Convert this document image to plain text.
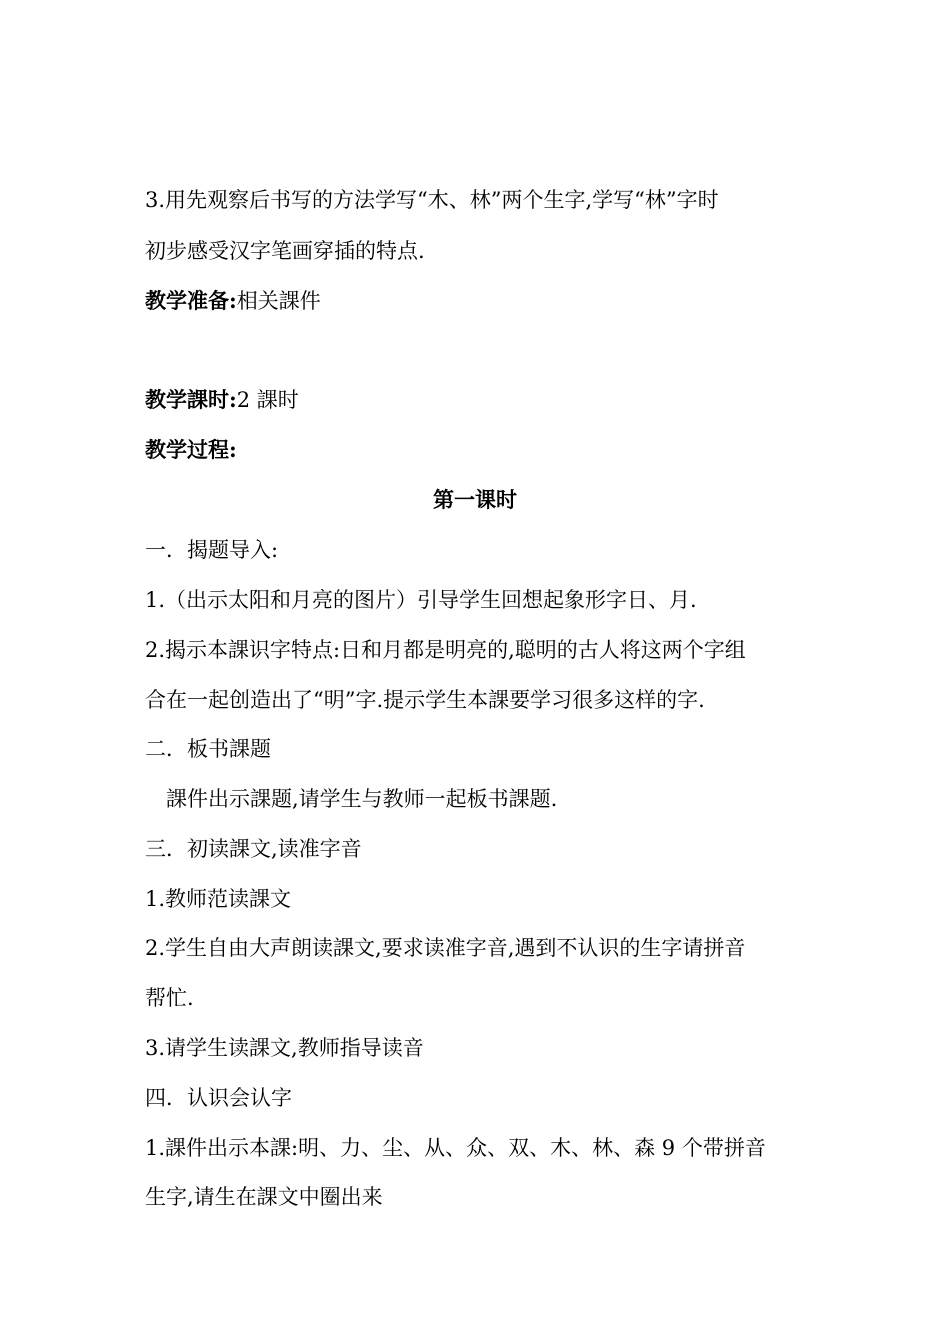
3.用先观察后书写的方法学写“木、林”两个生字,学写“林”字时
初步感受汉字笔画穿插的特点.
教学准备:相关課件
教学課时:2 課时
教学过程:
第一课时
一．揭题导入:
1.（出示太阳和月亮的图片）引导学生回想起象形字日、月.
2.揭示本課识字特点:日和月都是明亮的,聪明的古人将这两个字组
合在一起创造出了“明”字.提示学生本課要学习很多这样的字.
二．板书課题
課件出示課题,请学生与教师一起板书課题.
三．初读課文,读准字音
1.教师范读課文
2.学生自由大声朗读課文,要求读准字音,遇到不认识的生字请拼音
帮忙.
3.请学生读課文,教师指导读音
四．认识会认字
1.課件出示本課:明、力、尘、从、众、双、木、林、森 9 个带拼音
生字,请生在課文中圈出来
